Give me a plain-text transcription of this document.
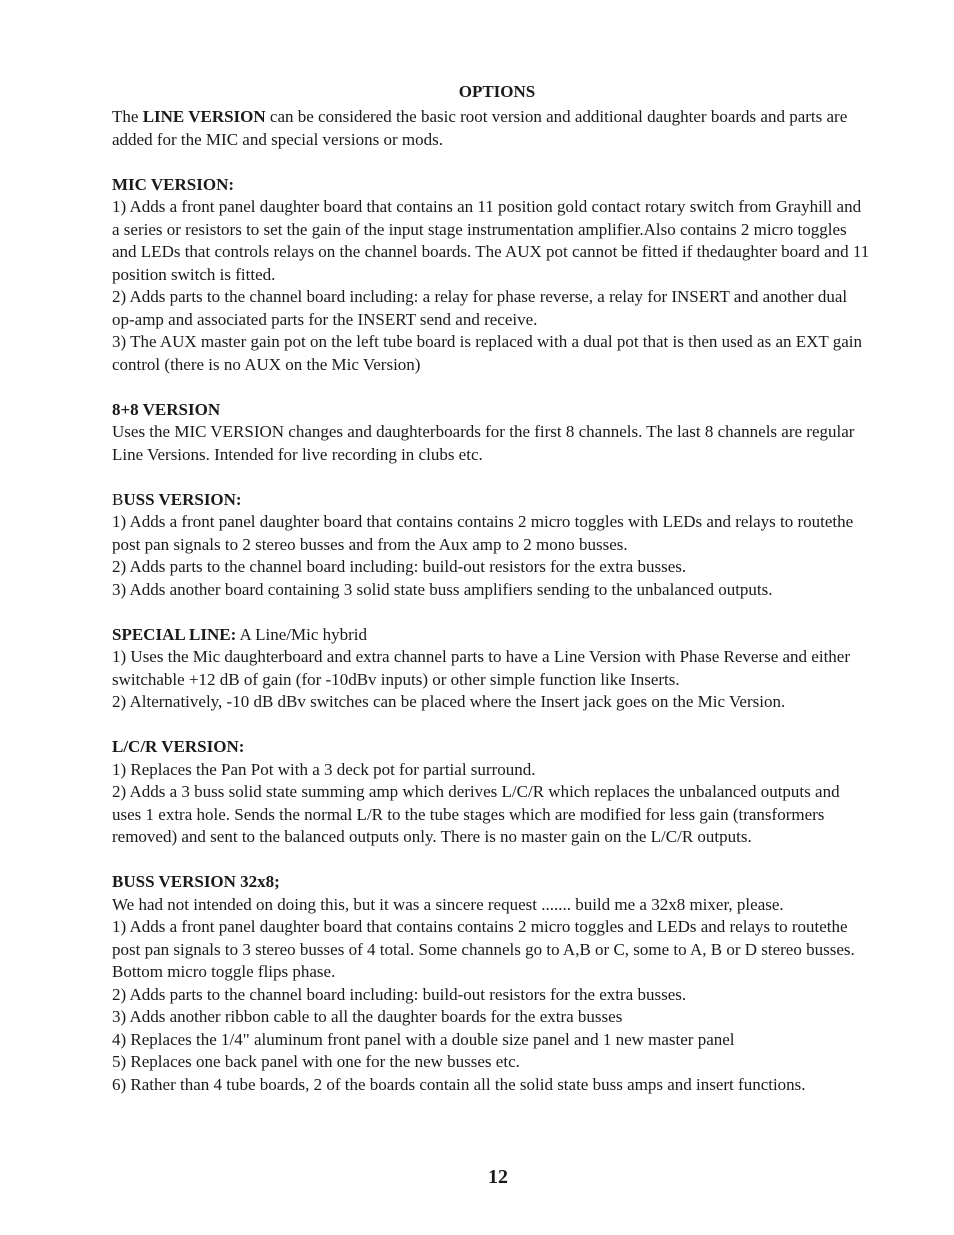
OPTIONS

The LINE VERSION can be considered the basic root version and additional daughter boards and parts are added for the MIC and special versions or mods.

MIC VERSION:

1) Adds a front panel daughter board that contains an 11 position gold contact rotary switch from Grayhill and a series or resistors to set the gain of the input stage instrumentation amplifier.Also contains 2 micro toggles and LEDs that controls relays on the channel boards. The AUX pot cannot be fitted if thedaughter board and 11 position switch is fitted.

2) Adds parts to the channel board including: a relay for phase reverse, a relay for INSERT and another dual op-amp and associated parts for the INSERT send and receive.

3) The AUX master gain pot on the left tube board is replaced with a dual pot that is then used as an EXT gain control (there is no AUX on the Mic Version)

8+8 VERSION

Uses the MIC VERSION changes and daughterboards for the first 8 channels. The last 8 channels are regular Line Versions. Intended for live recording in clubs etc.

BUSS VERSION:

1) Adds a front panel daughter board that contains contains 2 micro toggles with LEDs and relays to routethe post pan signals to 2 stereo busses and from the Aux amp to 2 mono busses.

2) Adds parts to the channel board including: build-out resistors for the extra busses.

3) Adds another board containing 3 solid state buss amplifiers sending to the unbalanced outputs.

SPECIAL LINE: A Line/Mic hybrid

1) Uses the Mic daughterboard and extra channel parts to have a Line Version with Phase Reverse and either switchable +12 dB of gain (for -10dBv inputs) or other simple function like Inserts.

2) Alternatively, -10 dB dBv switches can be placed where the Insert jack goes on the Mic Version.

L/C/R VERSION:

1) Replaces the Pan Pot with a 3 deck pot for partial surround.

2) Adds a 3 buss solid state summing amp which derives L/C/R which replaces the unbalanced outputs and uses 1 extra hole. Sends the normal L/R to the tube stages which are modified for less gain (transformers removed) and sent to the balanced outputs only. There is no master gain on the L/C/R outputs.

BUSS VERSION 32x8;

We had not intended on doing this, but it was a sincere request ....... build me a 32x8 mixer, please.

1) Adds a front panel daughter board that contains contains 2 micro toggles and LEDs and relays to routethe post pan signals to 3 stereo busses of 4 total. Some channels go to A,B or C, some to A, B or D stereo busses. Bottom micro toggle flips phase.

2) Adds parts to the channel board including: build-out resistors for the extra busses.

3) Adds another ribbon cable to all the daughter boards for the extra busses

4) Replaces the 1/4" aluminum front panel with a double size panel and 1 new master panel

5) Replaces one back panel with one for the new busses etc.

6) Rather than 4 tube boards, 2 of the boards contain all the solid state buss amps and insert functions.

12
